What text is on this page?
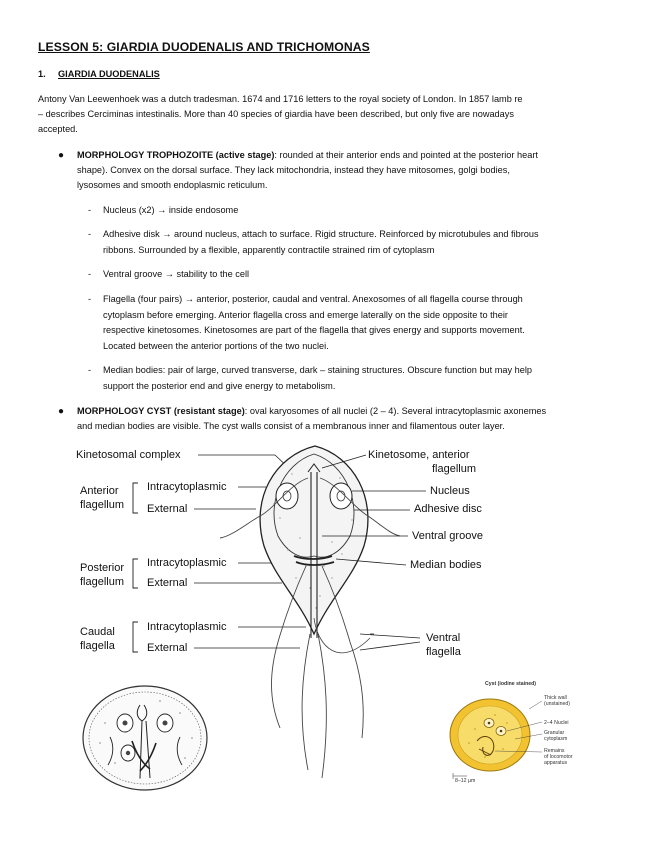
LESSON 5: GIARDIA DUODENALIS AND TRICHOMONAS
1. GIARDIA DUODENALIS
Antony Van Leewenhoek was a dutch tradesman. 1674 and 1716 letters to the royal society of London. In 1857 lamb re
– describes Cerciminas intestinalis. More than 40 species of giardia have been described, but only five are nowadays
accepted.
● MORPHOLOGY TROPHOZOITE (active stage): rounded at their anterior ends and pointed at the posterior heart
shape). Convex on the dorsal surface. They lack mitochondria, instead they have mitosomes, golgi bodies,
lysosomes and smooth endoplasmic reticulum.
- Nucleus (x2) → inside endosome
- Adhesive disk → around nucleus, attach to surface. Rigid structure. Reinforced by microtubules and fibrous
ribbons. Surrounded by a flexible, apparently contractile strained rim of cytoplasm
- Ventral groove → stability to the cell
- Flagella (four pairs) → anterior, posterior, caudal and ventral. Anexosomes of all flagella course through
cytoplasm before emerging. Anterior flagella cross and emerge laterally on the side opposite to their
respective kinetosomes. Kinetosomes are part of the flagella that gives energy and supports movement.
Located between the anterior portions of the two nuclei.
- Median bodies: pair of large, curved transverse, dark – staining structures. Obscure function but may help
support the posterior end and give energy to metabolism.
● MORPHOLOGY CYST (resistant stage): oval karyosomes of all nuclei (2 – 4). Several intracytoplasmic axonemes
and median bodies are visible. The cyst walls consist of a membranous inner and filamentous outer layer.
Kinetosomal complex
Anterior
flagellum
Intracytoplasmic
External
Posterior
flagellum
Intracytoplasmic
External
Caudal
flagella
Intracytoplasmic
External
Kinetosome, anterior
flagellum
Nucleus
Adhesive disc
Ventral groove
Median bodies
Ventral
flagella
Cyst (iodine stained)
Thick wall
(unstained)
2–4 Nuclei
Granular
cytoplasm
Remains
of locomotor
apparatus
8–12 µm
